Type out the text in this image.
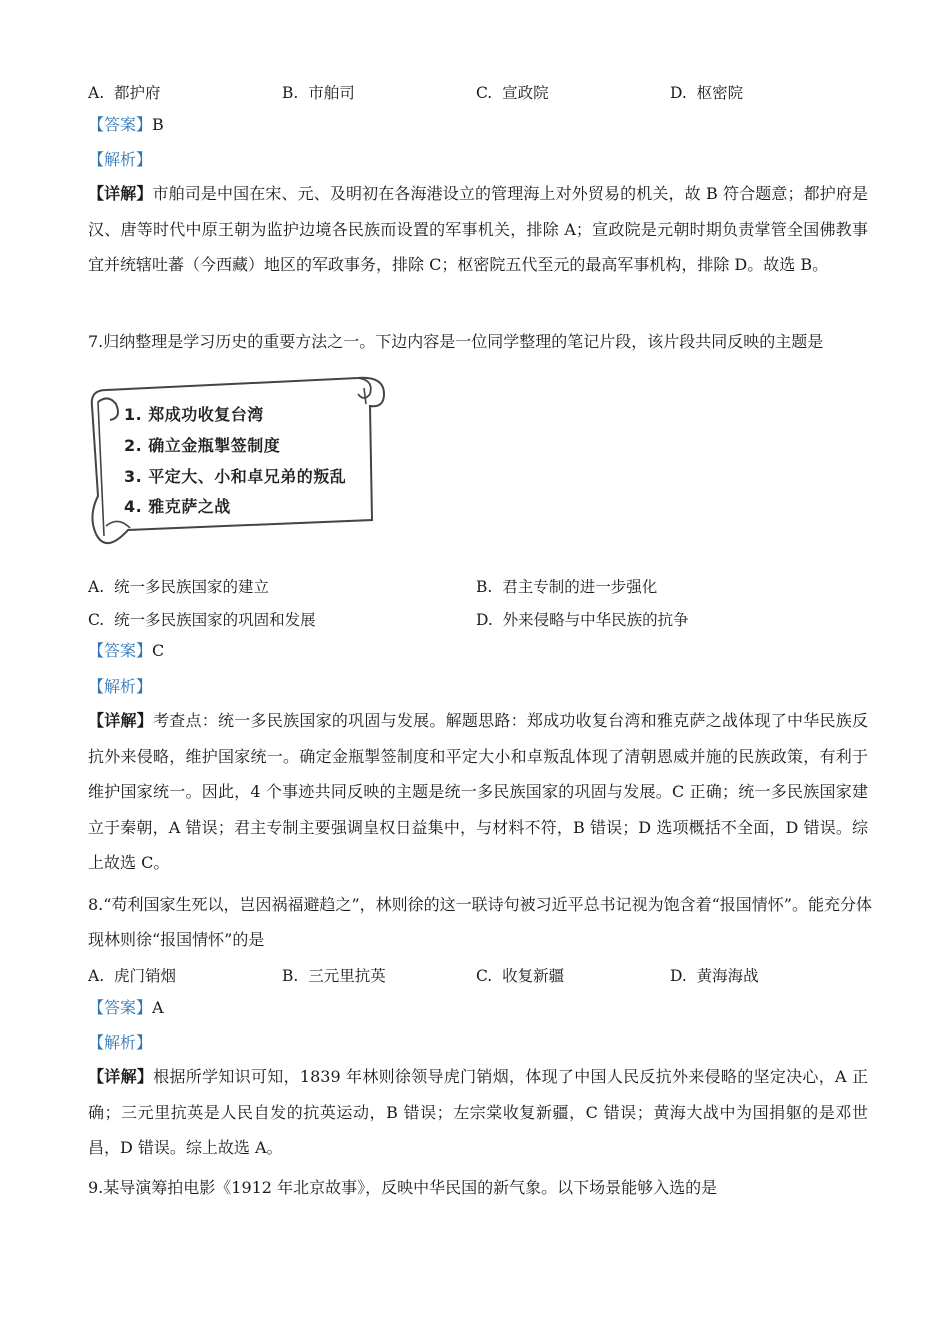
A. 都护府	B. 市舶司	C. 宣政院	D. 枢密院
【答案】B
【解析】
【详解】市舶司是中国在宋、元、及明初在各海港设立的管理海上对外贸易的机关，故 B 符合题意；都护府是汉、唐等时代中原王朝为监护边境各民族而设置的军事机关，排除 A；宣政院是元朝时期负责掌管全国佛教事宜并统辖吐蕃（今西藏）地区的军政事务，排除 C；枢密院五代至元的最高军事机构，排除 D。故选 B。
7.归纳整理是学习历史的重要方法之一。下边内容是一位同学整理的笔记片段，该片段共同反映的主题是
1. 郑成功收复台湾
2. 确立金瓶掣签制度
3. 平定大、小和卓兄弟的叛乱
4. 雅克萨之战
A. 统一多民族国家的建立	B. 君主专制的进一步强化
C. 统一多民族国家的巩固和发展	D. 外来侵略与中华民族的抗争
【答案】C
【解析】
【详解】考查点：统一多民族国家的巩固与发展。解题思路：郑成功收复台湾和雅克萨之战体现了中华民族反抗外来侵略，维护国家统一。确定金瓶掣签制度和平定大小和卓叛乱体现了清朝恩威并施的民族政策，有利于维护国家统一。因此，4 个事迹共同反映的主题是统一多民族国家的巩固与发展。C 正确；统一多民族国家建立于秦朝，A 错误；君主专制主要强调皇权日益集中，与材料不符，B 错误；D 选项概括不全面，D 错误。综上故选 C。
8.“苟利国家生死以，岂因祸福避趋之”，林则徐的这一联诗句被习近平总书记视为饱含着“报国情怀”。能充分体现林则徐“报国情怀”的是
A. 虎门销烟	B. 三元里抗英	C. 收复新疆	D. 黄海海战
【答案】A
【解析】
【详解】根据所学知识可知，1839 年林则徐领导虎门销烟，体现了中国人民反抗外来侵略的坚定决心，A 正确；三元里抗英是人民自发的抗英运动，B 错误；左宗棠收复新疆，C 错误；黄海大战中为国捐躯的是邓世昌，D 错误。综上故选 A。
9.某导演筹拍电影《1912 年北京故事》，反映中华民国的新气象。以下场景能够入选的是
